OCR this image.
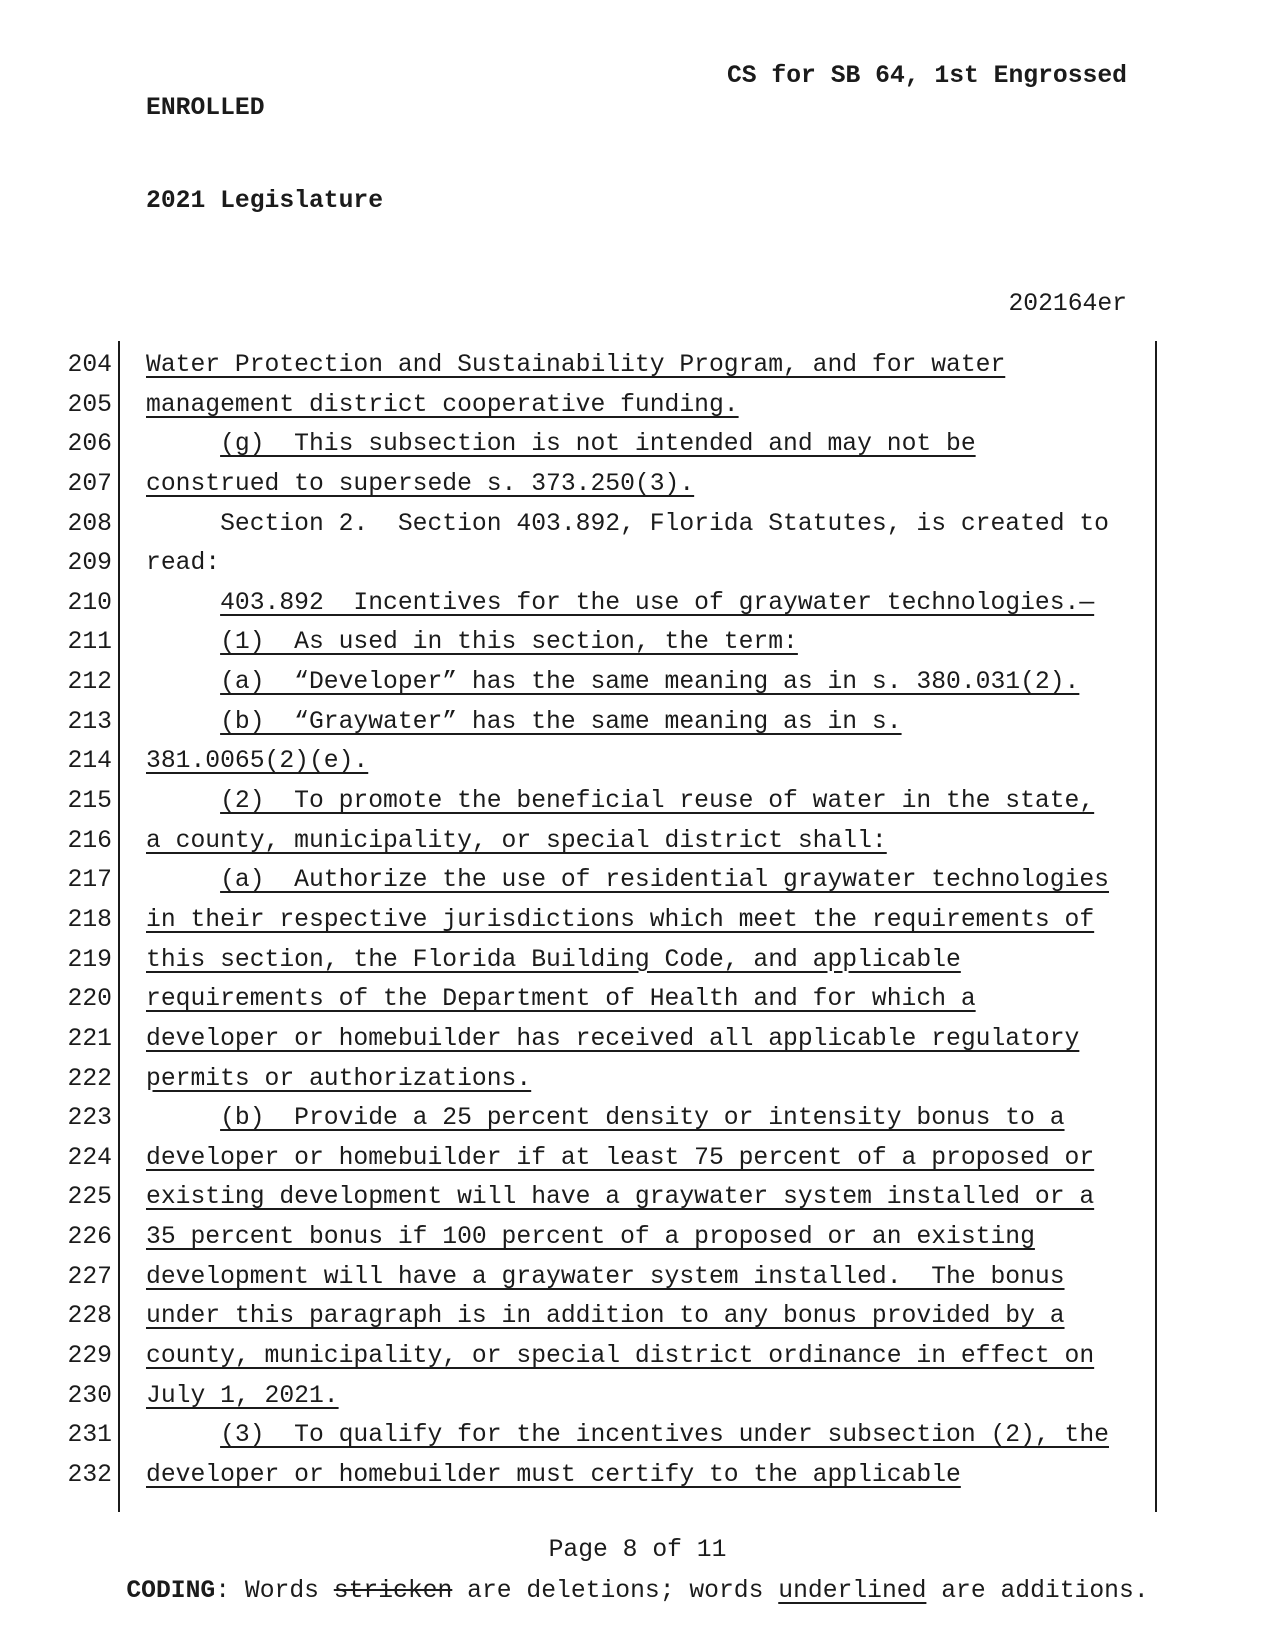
ENROLLED

2021 Legislature

CS for SB 64, 1st Engrossed
202164er
204 Water Protection and Sustainability Program, and for water
205 management district cooperative funding.
206	(g)  This subsection is not intended and may not be
207 construed to supersede s. 373.250(3).
208	Section 2.  Section 403.892, Florida Statutes, is created to
209 read:
210	403.892  Incentives for the use of graywater technologies.—
211	(1)  As used in this section, the term:
212	(a)  “Developer” has the same meaning as in s. 380.031(2).
213	(b)  “Graywater” has the same meaning as in s.
214 381.0065(2)(e).
215	(2)  To promote the beneficial reuse of water in the state,
216 a county, municipality, or special district shall:
217	(a)  Authorize the use of residential graywater technologies
218 in their respective jurisdictions which meet the requirements of
219 this section, the Florida Building Code, and applicable
220 requirements of the Department of Health and for which a
221 developer or homebuilder has received all applicable regulatory
222 permits or authorizations.
223	(b)  Provide a 25 percent density or intensity bonus to a
224 developer or homebuilder if at least 75 percent of a proposed or
225 existing development will have a graywater system installed or a
226 35 percent bonus if 100 percent of a proposed or an existing
227 development will have a graywater system installed.  The bonus
228 under this paragraph is in addition to any bonus provided by a
229 county, municipality, or special district ordinance in effect on
230 July 1, 2021.
231	(3)  To qualify for the incentives under subsection (2), the
232 developer or homebuilder must certify to the applicable
Page 8 of 11
CODING: Words stricken are deletions; words underlined are additions.
